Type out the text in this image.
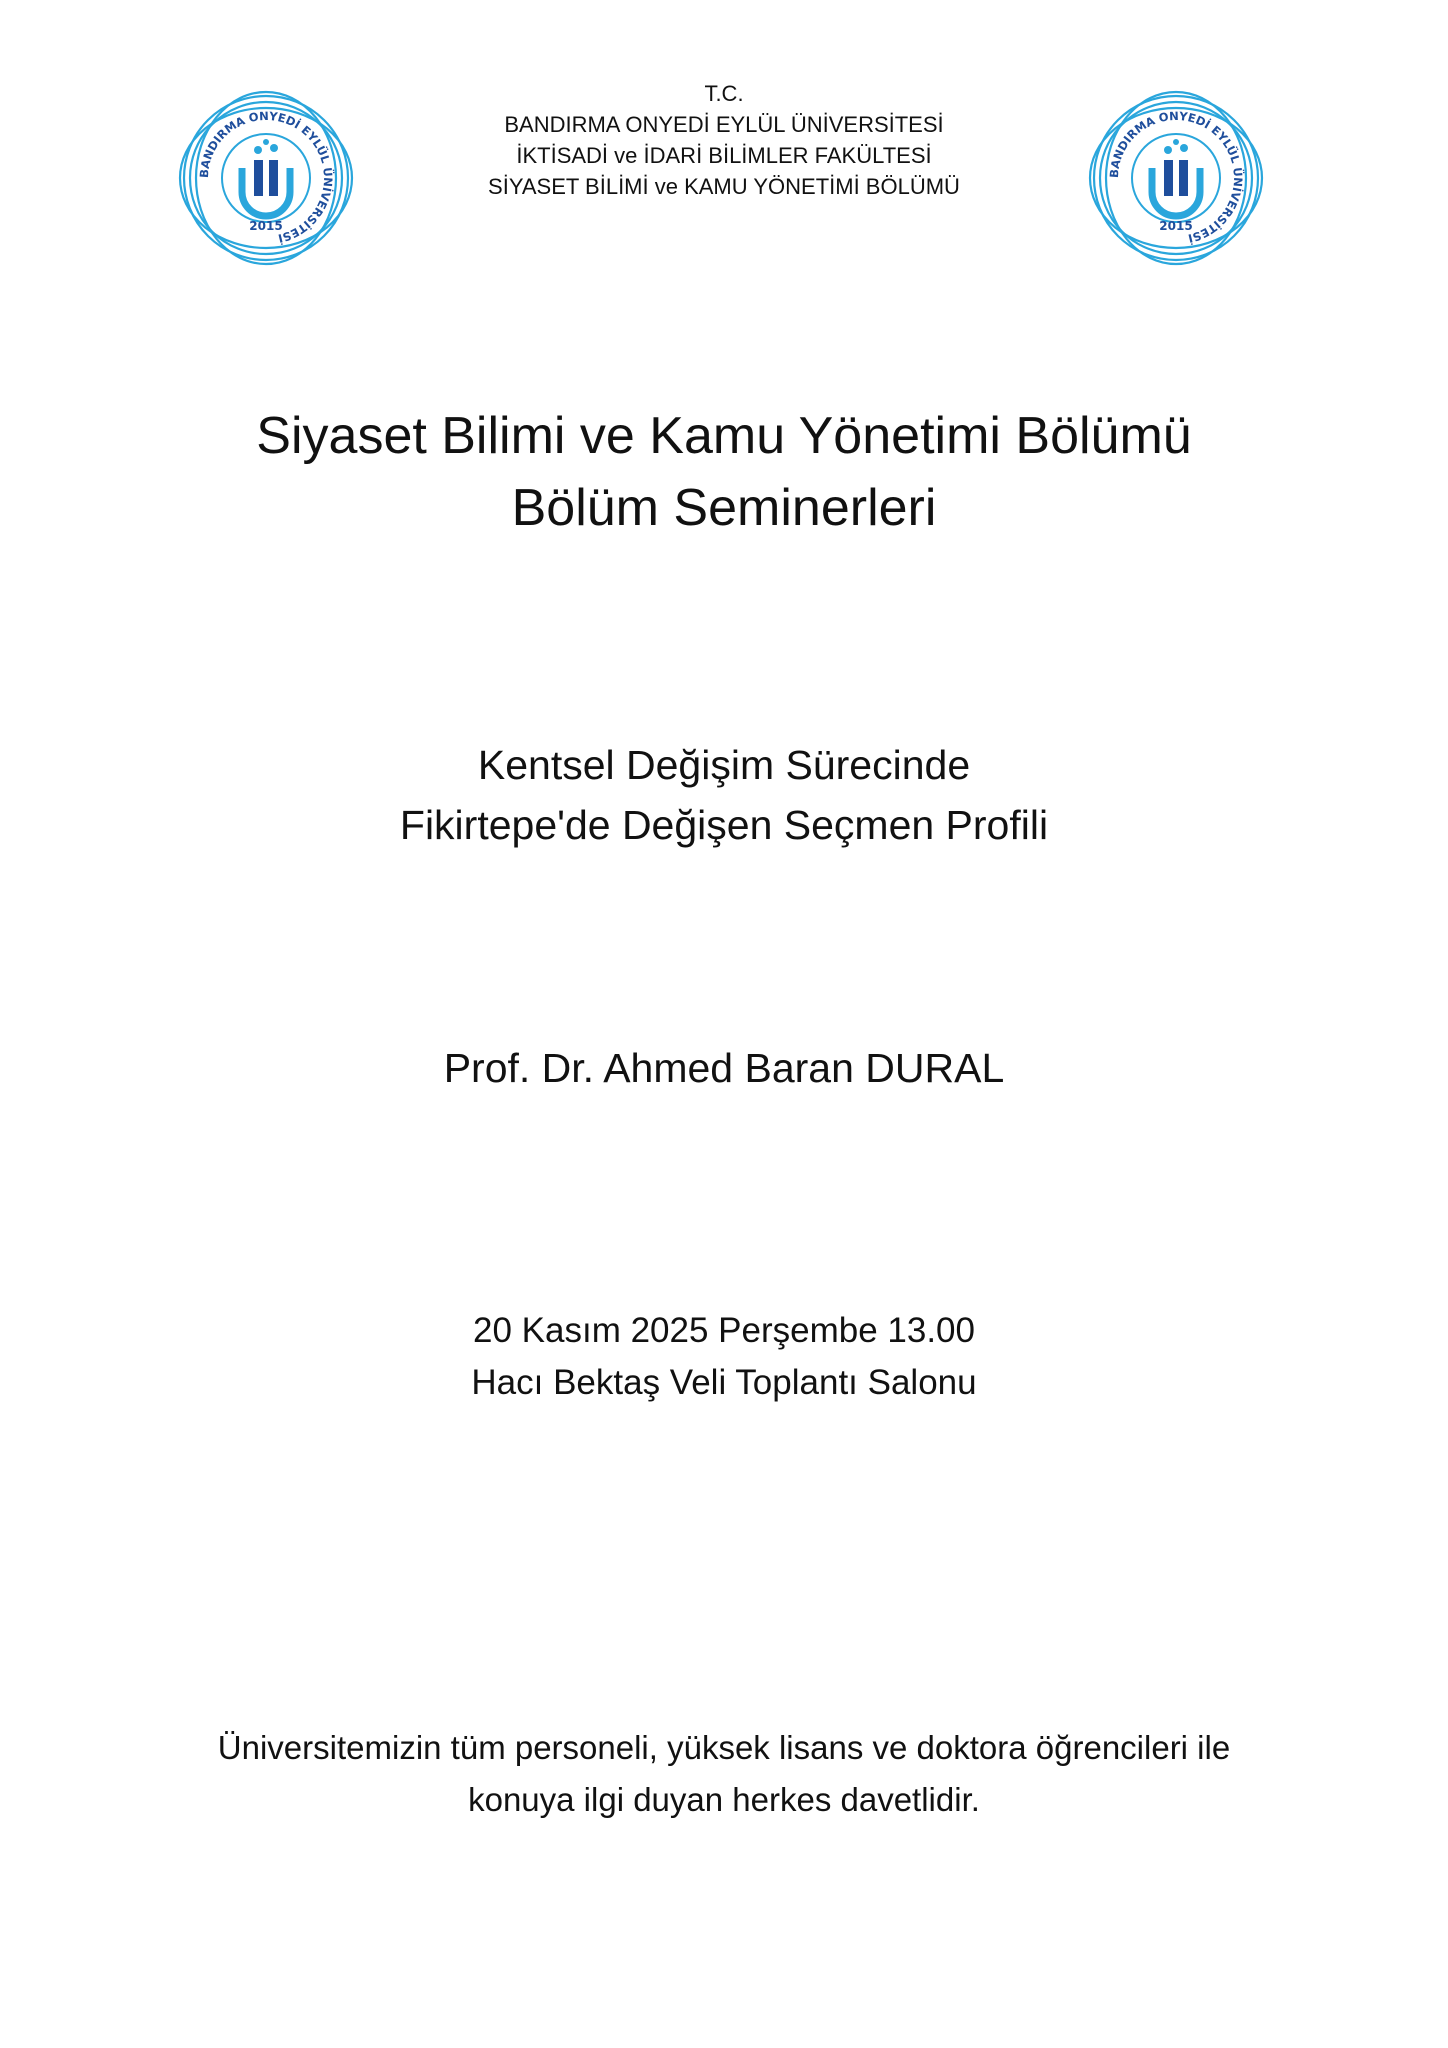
BANDIRMA ONYEDİ EYLÜL ÜNİVERSİTESİ
2015
T.C.
BANDIRMA ONYEDİ EYLÜL ÜNİVERSİTESİ
İKTİSADİ ve İDARİ BİLİMLER FAKÜLTESİ
SİYASET BİLİMİ ve KAMU YÖNETİMİ BÖLÜMÜ
BANDIRMA ONYEDİ EYLÜL ÜNİVERSİTESİ
2015
Siyaset Bilimi ve Kamu Yönetimi Bölümü
Bölüm Seminerleri
Kentsel Değişim Sürecinde
Fikirtepe'de Değişen Seçmen Profili
Prof. Dr. Ahmed Baran DURAL
20 Kasım 2025 Perşembe 13.00
Hacı Bektaş Veli Toplantı Salonu
Üniversitemizin tüm personeli, yüksek lisans ve doktora öğrencileri ile
konuya ilgi duyan herkes davetlidir.
